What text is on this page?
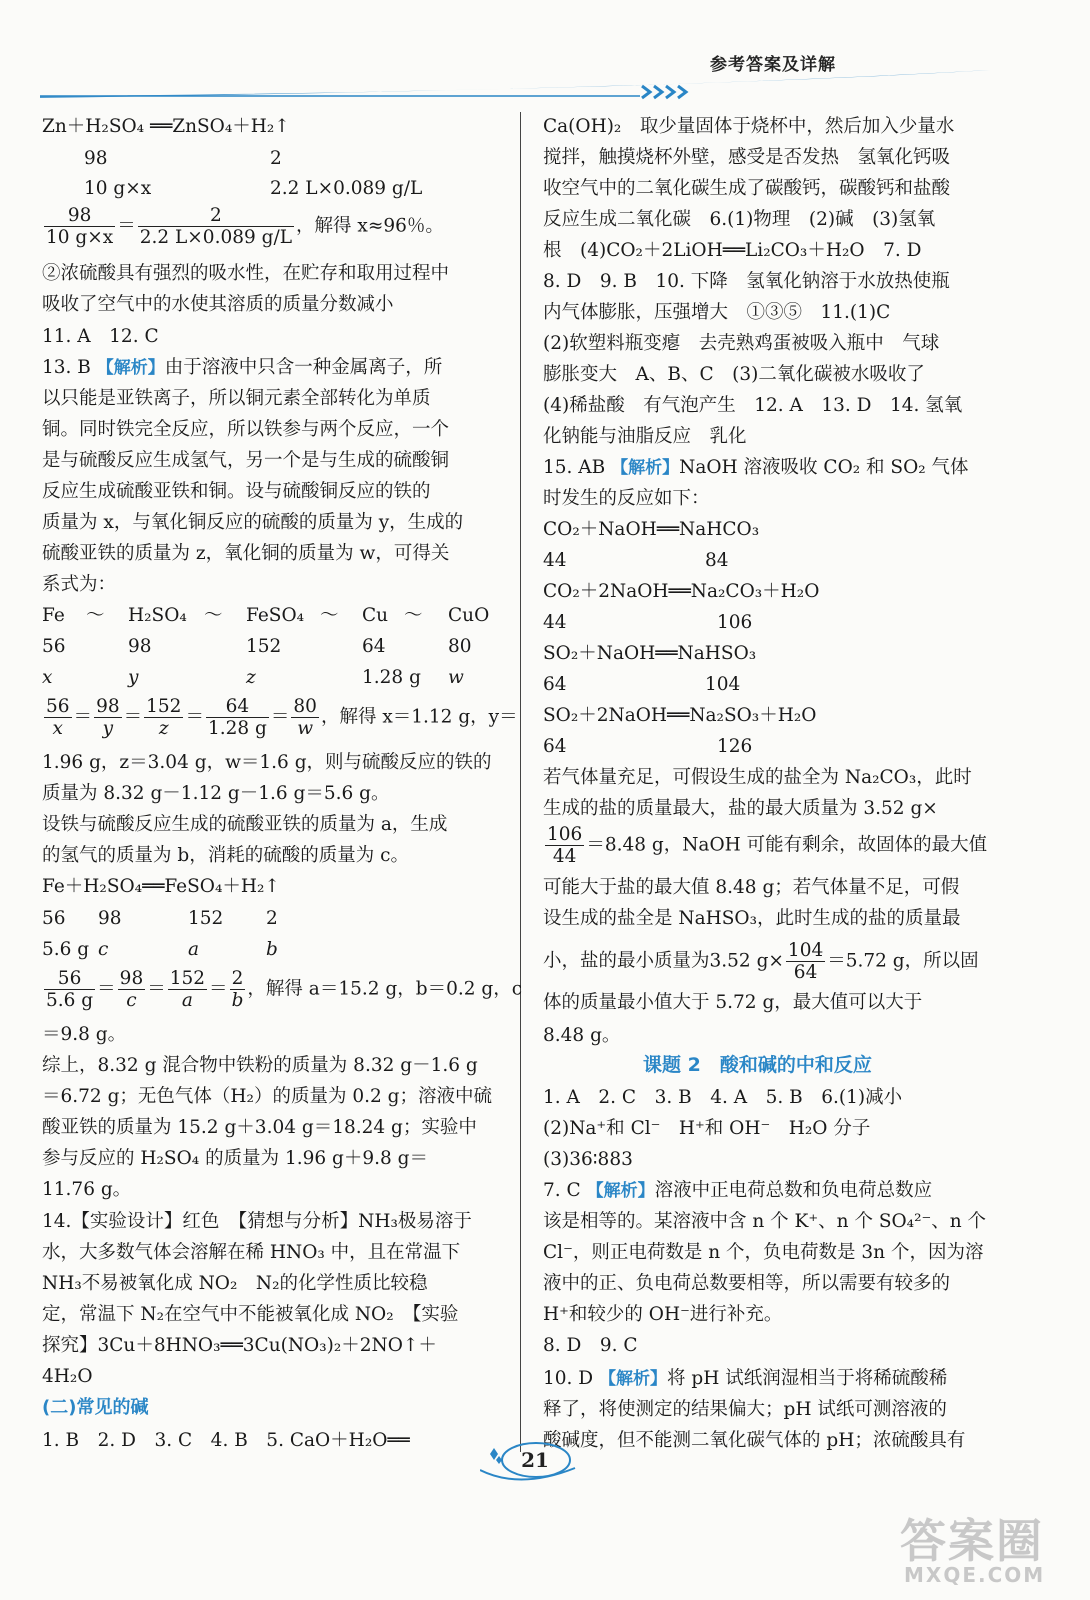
参考答案及详解
Zn＋H₂SO₄ ══ZnSO₄＋H₂↑
98	2
10 g×x	2.2 L×0.089 g/L
$\frac{98}{10 g\times x} = \frac{2}{2.2 L\times 0.089 g/L}$ ，解得 x≈96％。
②浓硫酸具有强烈的吸水性，在贮存和取用过程中
吸收了空气中的水使其溶质的质量分数减小
11. A　12. C
13. B 【解析】由于溶液中只含一种金属离子，所
以只能是亚铁离子，所以铜元素全部转化为单质
铜。同时铁完全反应，所以铁参与两个反应，一个
是与硫酸反应生成氢气，另一个是与生成的硫酸铜
反应生成硫酸亚铁和铜。设与硫酸铜反应的铁的
质量为 x，与氧化铜反应的硫酸的质量为 y，生成的
硫酸亚铁的质量为 z，氧化铜的质量为 w，可得关
系式为：
Fe ～ H₂SO₄ ～ FeSO₄ ～ Cu ～ CuO
56	98	152	64	80
x	y	z	1.28 g w
$\frac{56}{x} = \frac{98}{y} = \frac{152}{z} = \frac{64}{1.28 g} = \frac{80}{w}$ ，解得 x＝1.12 g，y＝
1.96 g，z＝3.04 g，w＝1.6 g，则与硫酸反应的铁的
质量为 8.32 g－1.12 g－1.6 g＝5.6 g。
设铁与硫酸反应生成的硫酸亚铁的质量为 a，生成
的氢气的质量为 b，消耗的硫酸的质量为 c。
Fe＋H₂SO₄══FeSO₄＋H₂↑
56 98	152 2
5.6 g c	a	b
$\frac{56}{5.6 g} = \frac{98}{c} = \frac{152}{a} = \frac{2}{b}$ ，解得 a＝15.2 g，b＝0.2 g，c
＝9.8 g。
综上，8.32 g 混合物中铁粉的质量为 8.32 g－1.6 g
＝6.72 g；无色气体（H₂）的质量为 0.2 g；溶液中硫
酸亚铁的质量为 15.2 g＋3.04 g＝18.24 g；实验中
参与反应的 H₂SO₄ 的质量为 1.96 g＋9.8 g＝
11.76 g。
14.【实验设计】红色　【猜想与分析】NH₃极易溶于
水，大多数气体会溶解在稀 HNO₃ 中，且在常温下
NH₃不易被氧化成 NO₂　N₂的化学性质比较稳
定，常温下 N₂在空气中不能被氧化成 NO₂　【实验
探究】3Cu＋8HNO₃══3Cu(NO₃)₂＋2NO↑＋
4H₂O
(二)常见的碱
1. B　2. D　3. C　4. B　5. CaO＋H₂O══
Ca(OH)₂　取少量固体于烧杯中，然后加入少量水
搅拌，触摸烧杯外壁，感受是否发热　氢氧化钙吸
收空气中的二氧化碳生成了碳酸钙，碳酸钙和盐酸
反应生成二氧化碳　6.(1)物理　(2)碱　(3)氢氧
根　(4)CO₂＋2LiOH══Li₂CO₃＋H₂O　7. D
8. D　9. B　10. 下降　氢氧化钠溶于水放热使瓶
内气体膨胀，压强增大　①③⑤　11.(1)C
(2)软塑料瓶变瘪　去壳熟鸡蛋被吸入瓶中　气球
膨胀变大　A、B、C　(3)二氧化碳被水吸收了
(4)稀盐酸　有气泡产生　12. A　13. D　14. 氢氧
化钠能与油脂反应　乳化
15. AB 【解析】NaOH 溶液吸收 CO₂ 和 SO₂ 气体
时发生的反应如下：
CO₂＋NaOH══NaHCO₃
44	84
CO₂＋2NaOH══Na₂CO₃＋H₂O
44	106
SO₂＋NaOH══NaHSO₃
64	104
SO₂＋2NaOH══Na₂SO₃＋H₂O
64	126
若气体量充足，可假设生成的盐全为 Na₂CO₃，此时
生成的盐的质量最大，盐的最大质量为 3.52 g×
$\frac{106}{44} =8.48$ g，NaOH 可能有剩余，故固体的最大值
可能大于盐的最大值 8.48 g；若气体量不足，可假
设生成的盐全是 NaHSO₃，此时生成的盐的质量最
小，盐的最小质量为3.52 $g\times \frac{104}{64} =5.72$ g，所以固
体的质量最小值大于 5.72 g，最大值可以大于
8.48 g。
课题 2　酸和碱的中和反应
1. A　2. C　3. B　4. A　5. B　6.(1)减小
(2)Na⁺和 Cl⁻　H⁺和 OH⁻　H₂O 分子
(3)36∶883
7. C 【解析】溶液中正电荷总数和负电荷总数应
该是相等的。某溶液中含 n 个 K⁺、n 个 SO₄²⁻、n 个
Cl⁻，则正电荷数是 n 个，负电荷数是 3n 个，因为溶
液中的正、负电荷总数要相等，所以需要有较多的
H⁺和较少的 OH⁻进行补充。
8. D　9. C
10. D 【解析】将 pH 试纸润湿相当于将稀硫酸稀
释了，将使测定的结果偏大；pH 试纸可测溶液的
酸碱度，但不能测二氧化碳气体的 pH；浓硫酸具有
21
答案圈
MXQE.COM
